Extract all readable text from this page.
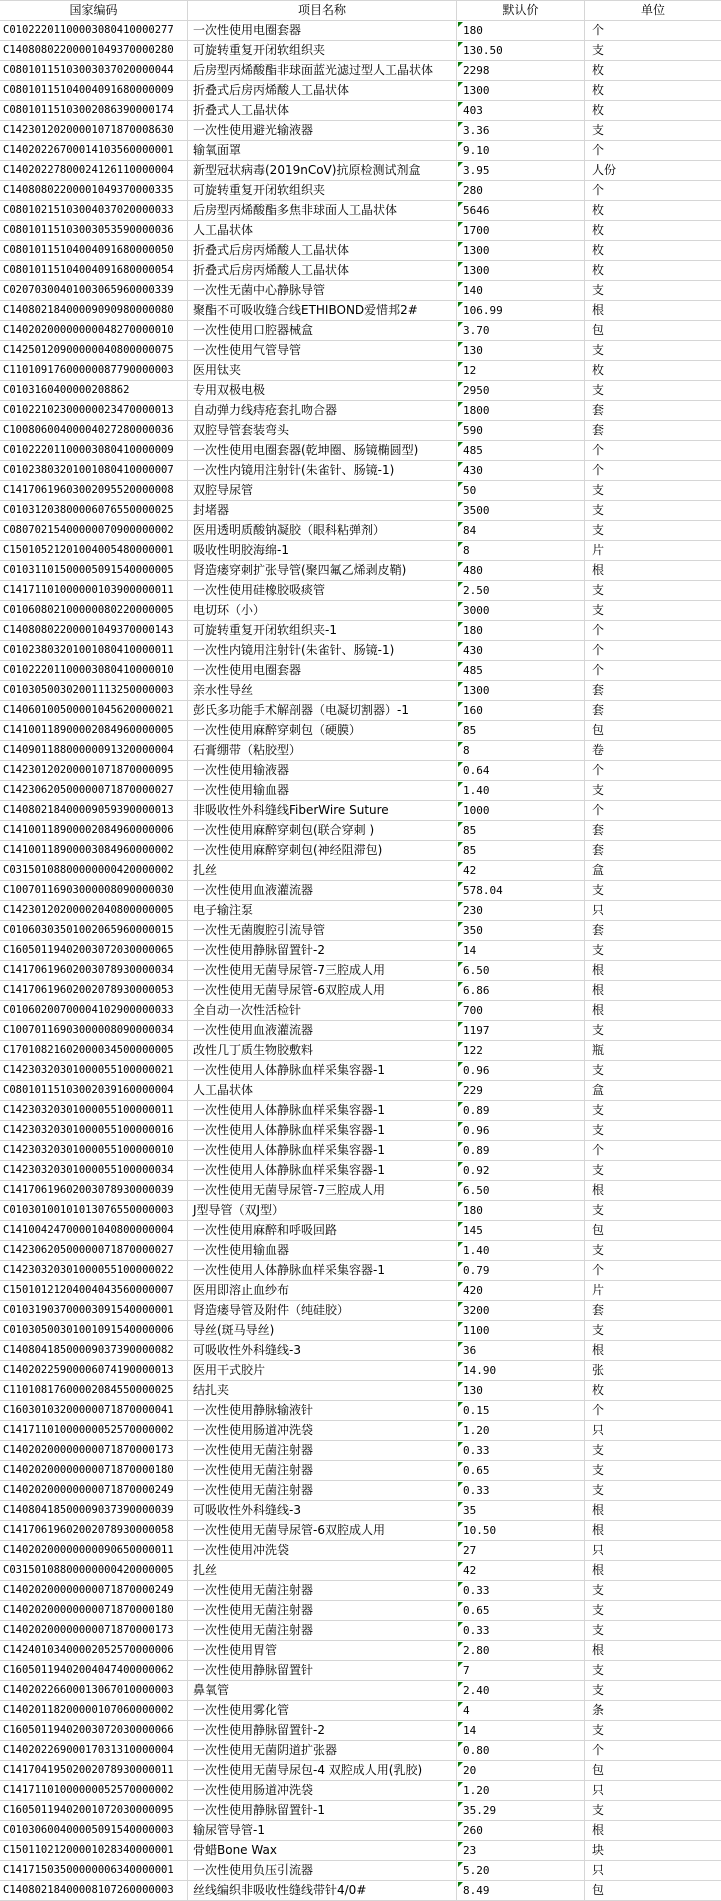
国家编码	项目名称	默认价	单位
C01022201100003080410000277	一次性使用电圈套器	180	个
C14080802200001049370000280	可旋转重复开闭软组织夹	130.50	支
C08010115103003037020000044	后房型丙烯酸酯非球面蓝光滤过型人工晶状体	2298	枚
C08010115104004091680000009	折叠式后房丙烯酸人工晶状体	1300	枚
C08010115103002086390000174	折叠式人工晶状体	403	枚
C14230120200001071870008630	一次性使用避光输液器	3.36	支
C14020226700014103560000001	输氧面罩	9.10	个
C14020227800024126110000004	新型冠状病毒(2019nCoV)抗原检测试剂盒	3.95	人份
C14080802200001049370000335	可旋转重复开闭软组织夹	280	个
C08010215103004037020000033	后房型丙烯酸酯多焦非球面人工晶状体	5646	枚
C08010115103003053590000036	人工晶状体	1700	枚
C08010115104004091680000050	折叠式后房丙烯酸人工晶状体	1300	枚
C08010115104004091680000054	折叠式后房丙烯酸人工晶状体	1300	枚
C02070300401003065960000339	一次性无菌中心静脉导管	140	支
C14080218400009090980000080	聚酯不可吸收缝合线ETHIBOND爱惜邦2#	106.99	根
C14020200000000048270000010	一次性使用口腔器械盒	3.70	包
C14250120900000040800000075	一次性使用气管导管	130	支
C11010917600000087790000003	医用钛夹	12	枚
C0103160400000208862	专用双极电极	2950	支
C01022102300000023470000013	自动弹力线痔疮套扎吻合器	1800	套
C10080600400004027280000036	双腔导管套装弯头	590	套
C01022201100003080410000009	一次性使用电圈套器(乾坤圈、肠镜椭圆型)	485	个
C01023803201001080410000007	一次性内镜用注射针(朱雀针、肠镜-1)	430	个
C14170619603002095520000008	双腔导尿管	50	支
C01031203800006076550000025	封堵器	3500	支
C08070215400000070900000002	医用透明质酸钠凝胶（眼科粘弹剂）	84	支
C15010521201004005480000001	吸收性明胶海绵-1	8	片
C01031101500005091540000005	肾造瘘穿刺扩张导管(聚四氟乙烯剥皮鞘)	480	根
C14171101000000103900000011	一次性使用硅橡胶吸痰管	2.50	支
C01060802100000080220000005	电切环（小）	3000	支
C14080802200001049370000143	可旋转重复开闭软组织夹-1	180	个
C01023803201001080410000011	一次性内镜用注射针(朱雀针、肠镜-1)	430	个
C01022201100003080410000010	一次性使用电圈套器	485	个
C01030500302001113250000003	亲水性导丝	1300	套
C14060100500001045620000021	彭氏多功能手术解剖器（电凝切割器）-1	160	套
C14100118900002084960000005	一次性使用麻醉穿刺包（硬膜）	85	包
C14090118800000091320000004	石膏绷带（粘胶型）	8	卷
C14230120200001071870000095	一次性使用输液器	0.64	个
C14230620500000071870000027	一次性使用输血器	1.40	支
C14080218400009059390000013	非吸收性外科缝线FiberWire Suture	1000	个
C14100118900002084960000006	一次性使用麻醉穿刺包(联合穿刺 )	85	套
C14100118900003084960000002	一次性使用麻醉穿刺包(神经阻滞包)	85	套
C03150108800000000420000002	扎丝	42	盒
C10070116903000008090000030	一次性使用血液灌流器	578.04	支
C14230120200002040800000005	电子输注泵	230	只
C01060303501002065960000015	一次性无菌腹腔引流导管	350	套
C16050119402003072030000065	一次性使用静脉留置针-2	14	支
C14170619602003078930000034	一次性使用无菌导尿管-7三腔成人用	6.50	根
C14170619602002078930000053	一次性使用无菌导尿管-6双腔成人用	6.86	根
C01060200700004102900000033	全自动一次性活检针	700	根
C10070116903000008090000034	一次性使用血液灌流器	1197	支
C17010821602000034500000005	改性几丁质生物胶敷料	122	瓶
C14230320301000055100000021	一次性使用人体静脉血样采集容器-1	0.96	支
C08010115103002039160000004	人工晶状体	229	盒
C14230320301000055100000011	一次性使用人体静脉血样采集容器-1	0.89	支
C14230320301000055100000016	一次性使用人体静脉血样采集容器-1	0.96	支
C14230320301000055100000010	一次性使用人体静脉血样采集容器-1	0.89	个
C14230320301000055100000034	一次性使用人体静脉血样采集容器-1	0.92	支
C14170619602003078930000039	一次性使用无菌导尿管-7三腔成人用	6.50	根
C01030100101013076550000003	J型导管（双J型）	180	支
C14100424700001040800000004	一次性使用麻醉和呼吸回路	145	包
C14230620500000071870000027	一次性使用输血器	1.40	支
C14230320301000055100000022	一次性使用人体静脉血样采集容器-1	0.79	个
C15010121204004043560000007	医用即溶止血纱布	420	片
C01031903700003091540000001	肾造瘘导管及附件（纯硅胶）	3200	套
C01030500301001091540000006	导丝(斑马导丝)	1100	支
C14080418500009037390000082	可吸收性外科缝线-3	36	根
C14020225900006074190000013	医用干式胶片	14.90	张
C11010817600002084550000025	结扎夹	130	枚
C16030103200000071870000041	一次性使用静脉输液针	0.15	个
C14171101000000052570000002	一次性使用肠道冲洗袋	1.20	只
C14020200000000071870000173	一次性使用无菌注射器	0.33	支
C14020200000000071870000180	一次性使用无菌注射器	0.65	支
C14020200000000071870000249	一次性使用无菌注射器	0.33	支
C14080418500009037390000039	可吸收性外科缝线-3	35	根
C14170619602002078930000058	一次性使用无菌导尿管-6双腔成人用	10.50	根
C14020200000000090650000011	一次性使用冲洗袋	27	只
C03150108800000000420000005	扎丝	42	根
C14020200000000071870000249	一次性使用无菌注射器	0.33	支
C14020200000000071870000180	一次性使用无菌注射器	0.65	支
C14020200000000071870000173	一次性使用无菌注射器	0.33	支
C14240103400002052570000006	一次性使用胃管	2.80	根
C16050119402004047400000062	一次性使用静脉留置针	7	支
C14020226600013067010000003	鼻氧管	2.40	支
C14020118200000107060000002	一次性使用雾化管	4	条
C16050119402003072030000066	一次性使用静脉留置针-2	14	支
C14020226900017031310000004	一次性使用无菌阴道扩张器	0.80	个
C14170419502002078930000011	一次性使用无菌导尿包-4 双腔成人用(乳胶)	20	包
C14171101000000052570000002	一次性使用肠道冲洗袋	1.20	只
C16050119402001072030000095	一次性使用静脉留置针-1	35.29	支
C01030600400005091540000003	输尿管导管-1	260	根
C15011021200001028340000001	骨蜡Bone Wax	23	块
C14171503500000006340000001	一次性使用负压引流器	5.20	只
C14080218400008107260000003	丝线编织非吸收性缝线带针4/0#	8.49	包
